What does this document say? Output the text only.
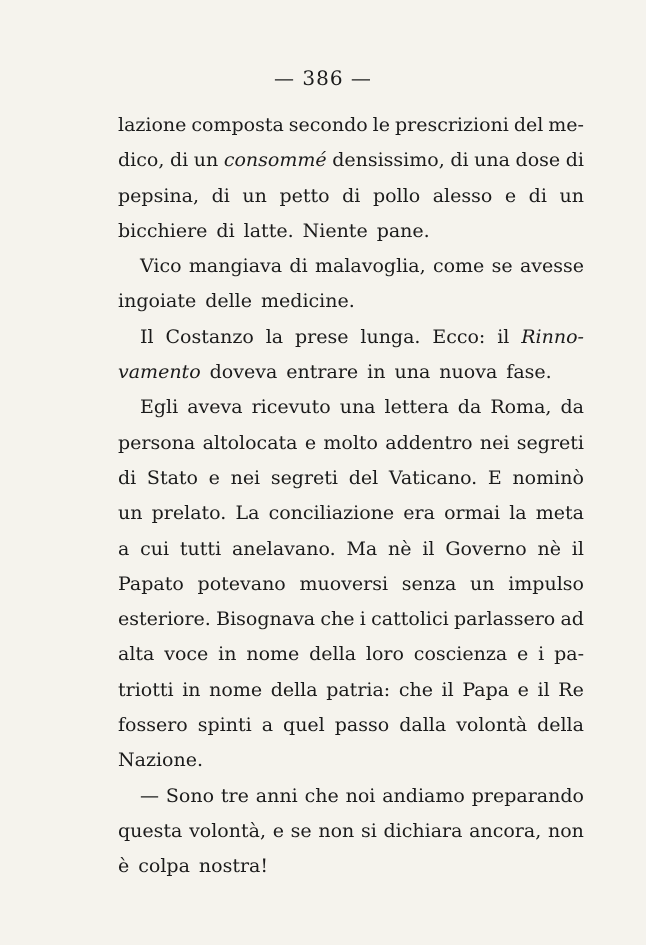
— 386 —
lazione composta secondo le prescrizioni del me-
dico, di un consommé densissimo, di una dose di
pepsina, di un petto di pollo alesso e di un
bicchiere di latte. Niente pane.
Vico mangiava di malavoglia, come se avesse
ingoiate delle medicine.
Il Costanzo la prese lunga. Ecco: il Rinno-
vamento doveva entrare in una nuova fase.
Egli aveva ricevuto una lettera da Roma, da
persona altolocata e molto addentro nei segreti
di Stato e nei segreti del Vaticano. E nominò
un prelato. La conciliazione era ormai la meta
a cui tutti anelavano. Ma nè il Governo nè il
Papato potevano muoversi senza un impulso
esteriore. Bisognava che i cattolici parlassero ad
alta voce in nome della loro coscienza e i pa-
triotti in nome della patria: che il Papa e il Re
fossero spinti a quel passo dalla volontà della
Nazione.
— Sono tre anni che noi andiamo preparando
questa volontà, e se non si dichiara ancora, non
è colpa nostra!
